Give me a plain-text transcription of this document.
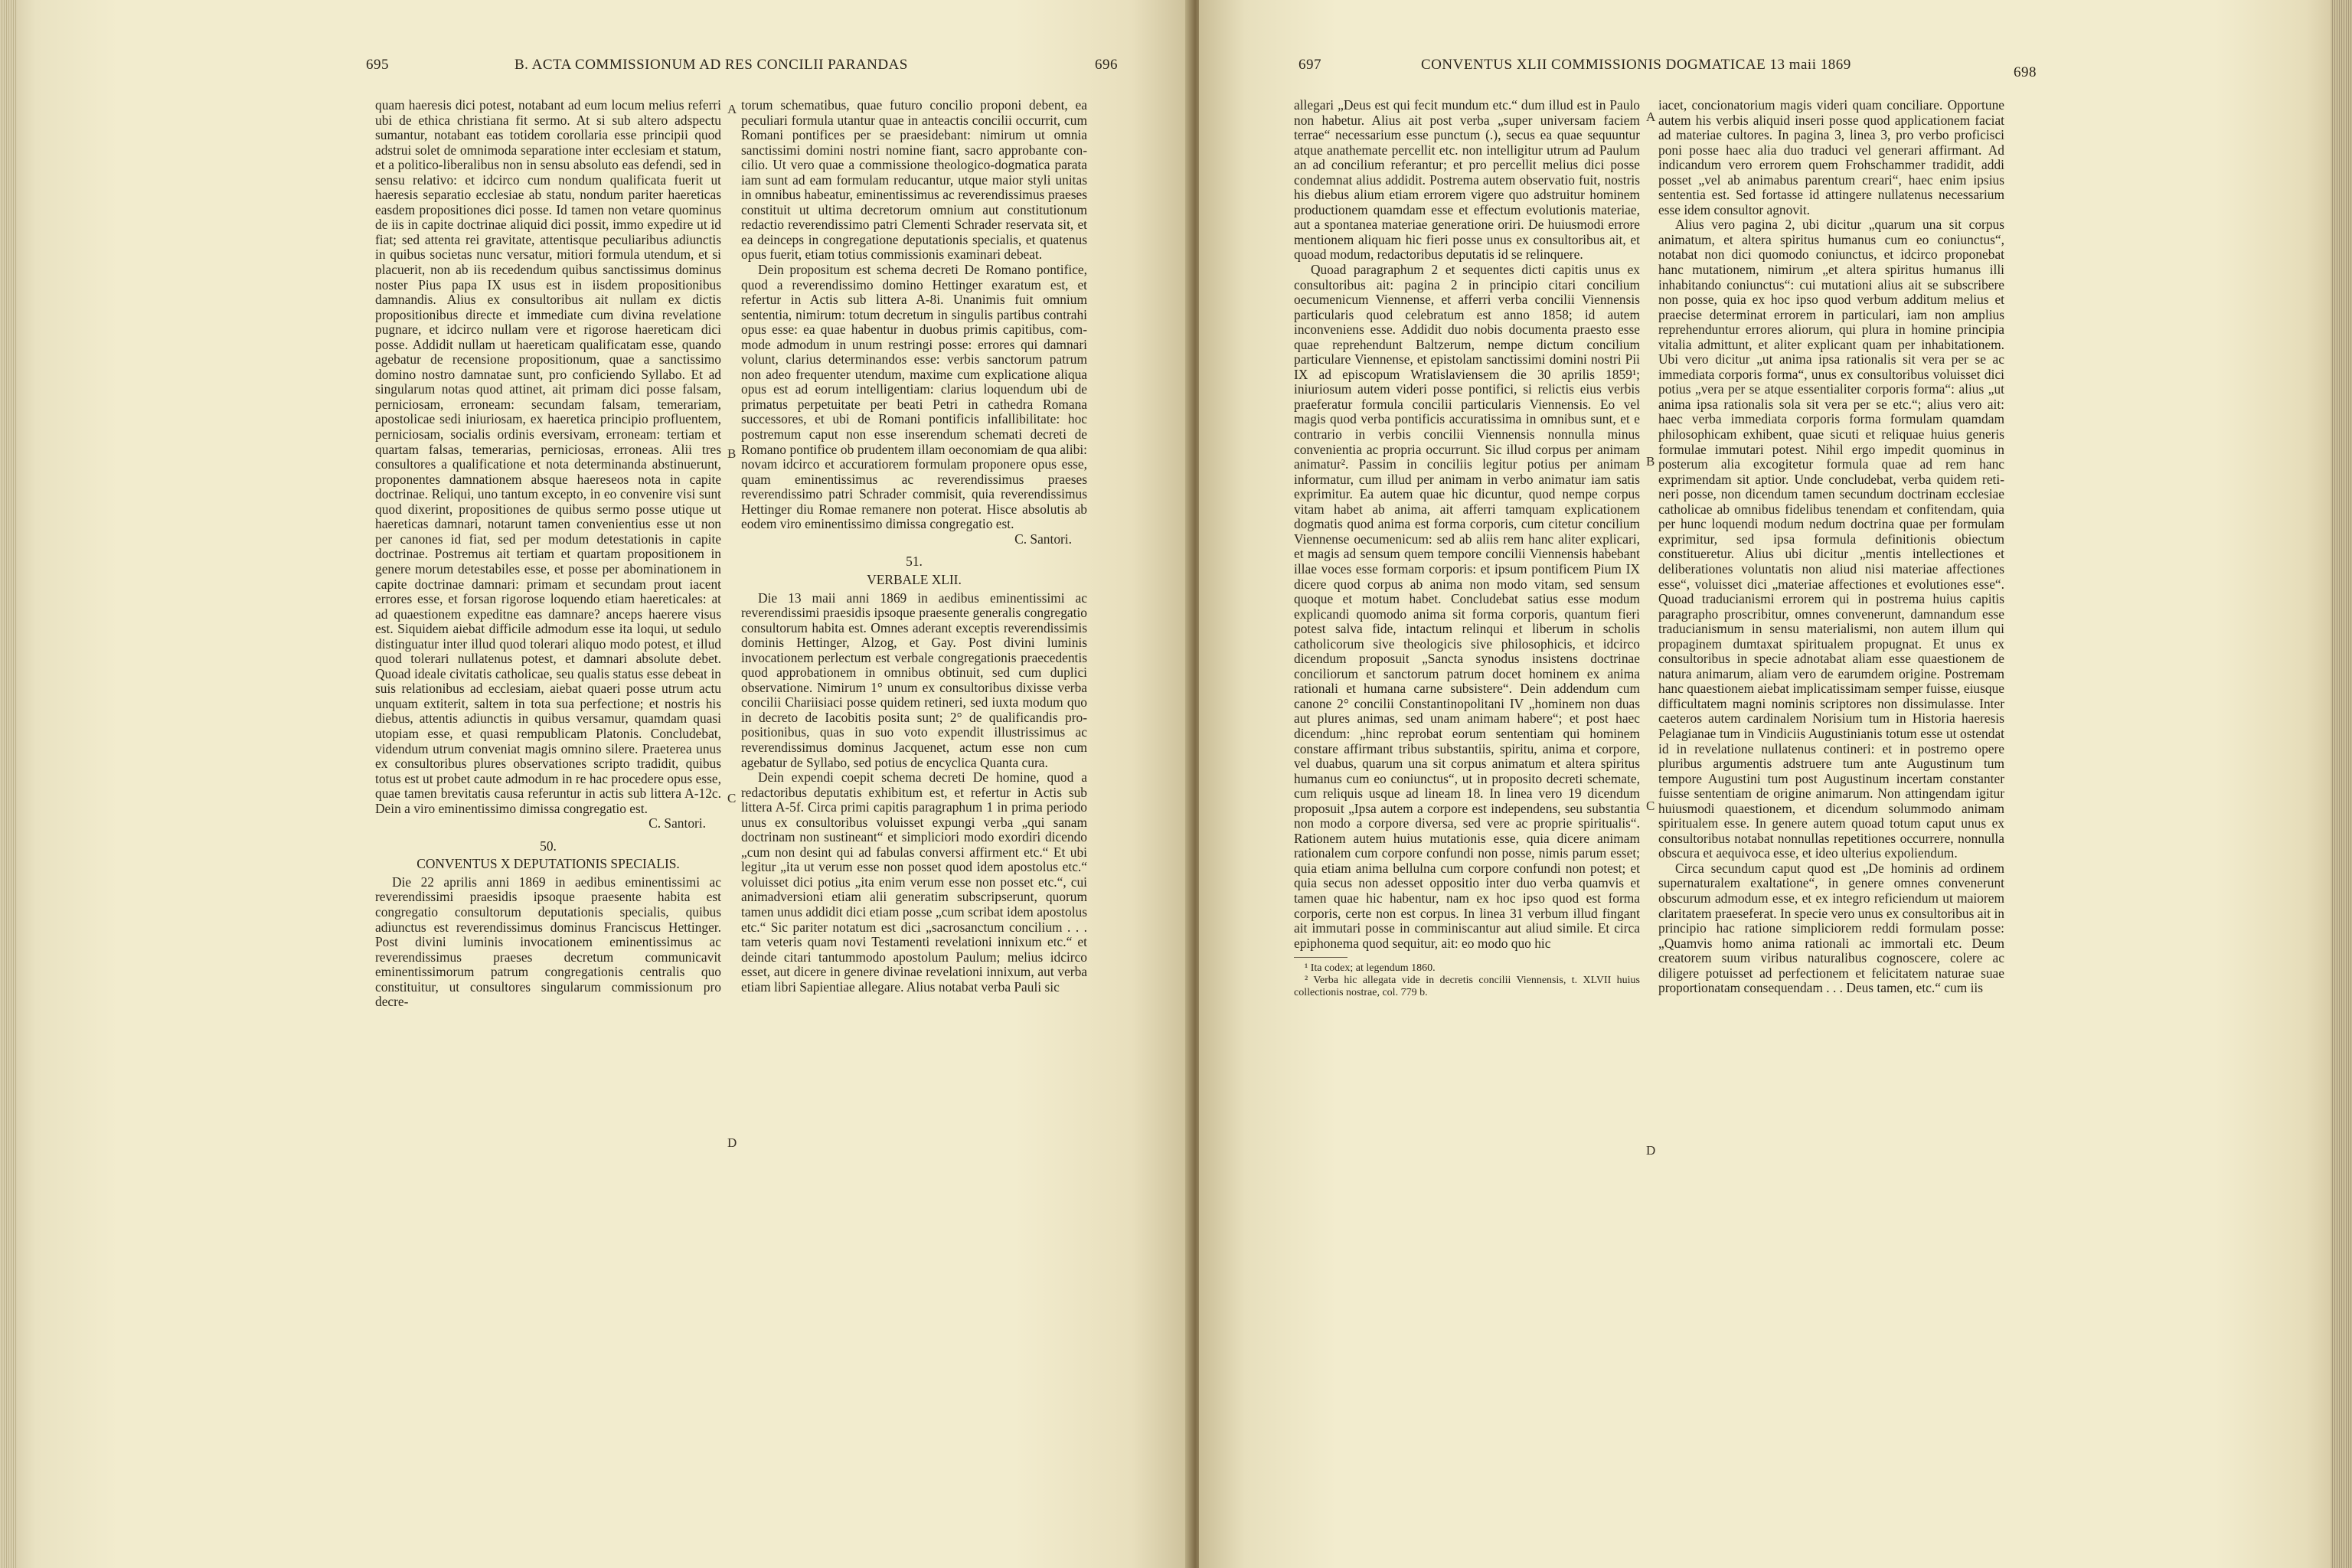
695	B. ACTA COMMISSIONUM AD RES CONCILII PARANDAS	696

quam haeresis dici potest, notabant ad eum locum melius referri ubi de ethica christiana fit sermo. At si sub altero adspectu sumantur, notabant eas totidem corollaria esse principii quod adstrui solet de omnimoda separatione inter ecclesiam et statum, et a politico-liberalibus non in sensu absoluto eas defendi, sed in sensu relativo: et idcirco cum nondum qualificata fuerit ut haeresis separatio ecclesiae ab statu, nondum pariter haereticas easdem propositiones dici posse. Id tamen non vetare quominus de iis in capite doctrinae aliquid dici possit, immo expedire ut id fiat; sed attenta rei gravitate, attentisque peculiaribus adiunctis in quibus societas nunc versatur, mitiori formula utendum, et si placuerit, non ab iis recedendum quibus sanctissimus dominus noster Pius papa IX usus est in iisdem propositionibus damnandis. Alius ex consultoribus ait nullam ex dictis propositionibus directe et immediate cum divina revelatione pugnare, et idcirco nullam vere et rigorose haereticam dici posse. Addidit nullam ut haereticam qualificatam esse, quando agebatur de recensione propositionum, quae a sanctissimo domino nostro damnatae sunt, pro conficiendo Syllabo. Et ad singularum notas quod attinet, ait primam dici posse falsam, perniciosam, erroneam: secundam falsam, temerariam, apostolicae sedi iniuriosam, ex haeretica principio profluentem, perniciosam, socialis ordinis eversivam, erroneam: tertiam et quartam falsas, temerarias, perniciosas, erroneas. Alii tres consultores a qualificatione et nota determinanda abstinuerunt, proponentes damnationem absque haereseos nota in capite doctrinae. Reliqui, uno tantum excepto, in eo convenire visi sunt quod dixerint, propositiones de quibus sermo posse utique ut haereticas damnari, notarunt tamen convenientius esse ut non per canones id fiat, sed per modum detestationis in capite doctrinae. Postremus ait tertiam et quartam propositionem in genere morum detestabiles esse, et posse per abominationem in capite doctrinae damnari: primam et secundam prout iacent errores esse, et forsan rigorose loquendo etiam haereticales: at ad quaestionem expeditne eas damnare? anceps haerere visus est. Siquidem aiebat difficile admodum esse ita loqui, ut sedulo distinguatur inter illud quod tolerari aliquo modo potest, et illud quod tolerari nullatenus potest, et damnari absolute debet. Quoad ideale civitatis catholicae, seu qualis status esse debeat in suis relationibus ad ecclesiam, aiebat quaeri posse utrum actu unquam extiterit, saltem in tota sua perfectione; et nostris his diebus, attentis adiunctis in quibus versamur, quamdam quasi utopiam esse, et quasi rempublicam Platonis. Concludebat, videndum utrum conveniat magis omnino silere. Praeterea unus ex consultoribus plures observationes scripto tradidit, quibus totus est ut probet caute admodum in re hac procedere opus esse, quae tamen brevitatis causa referuntur in actis sub littera A-12c. Dein a viro eminentissimo dimissa congregatio est.

C. Santori.

50.

CONVENTUS X DEPUTATIONIS SPECIALIS.

Die 22 aprilis anni 1869 in aedibus eminentissimi ac reverendissimi praesidis ipsoque praesente habita est congregatio consultorum deputationis specialis, quibus adiunctus est reverendissimus dominus Franciscus Hettinger. Post divini luminis invocationem eminentissimus ac reverendissimus praeses decretum communicavit eminentissimorum patrum congregationis centralis quo constituitur, ut consultores singularum commissionum pro decre-

A
B
C
D

torum schematibus, quae futuro concilio proponi debent, ea peculiari formula utantur quae in anteactis concilii occurrit, cum Romani pontifices per se praesidebant: nimirum ut omnia sanctissimi domini nostri nomine fiant, sacro approbante concilio. Ut vero quae a commissione theologico-dogmatica parata iam sunt ad eam formulam reducantur, utque maior styli unitas in omnibus habeatur, eminentissimus ac reverendissimus praeses constituit ut ultima decretorum omnium aut constitutionum redactio reverendissimo patri Clementi Schrader reservata sit, et ea deinceps in congregatione deputationis specialis, et quatenus opus fuerit, etiam totius commissionis examinari debeat.

Dein propositum est schema decreti De Romano pontifice, quod a reverendissimo domino Hettinger exaratum est, et refertur in Actis sub littera A-8i. Unanimis fuit omnium sententia, nimirum: totum decretum in singulis partibus contrahi opus esse: ea quae habentur in duobus primis capitibus, commode admodum in unum restringi posse: errores qui damnari volunt, clarius determinandos esse: verbis sanctorum patrum non adeo frequenter utendum, maxime cum explicatione aliqua opus est ad eorum intelligentiam: clarius loquendum ubi de primatus perpetuitate per beati Petri in cathedra Romana successores, et ubi de Romani pontificis infallibilitate: hoc postremum caput non esse inserendum schemati decreti de Romano pontifice ob prudentem illam oeconomiam de qua alibi: novam idcirco et accuratiorem formulam proponere opus esse, quam eminentissimus ac reverendissimus praeses reverendissimo patri Schrader commisit, quia reverendissimus Hettinger diu Romae remanere non poterat. Hisce absolutis ab eodem viro eminentissimo dimissa congregatio est.

C. Santori.

51.

VERBALE XLII.

Die 13 maii anni 1869 in aedibus eminentissimi ac reverendissimi praesidis ipsoque praesente generalis congregatio consultorum habita est. Omnes aderant exceptis reverendissimis dominis Hettinger, Alzog, et Gay. Post divini luminis invocationem perlectum est verbale congregationis praecedentis quod approbationem in omnibus obtinuit, sed cum duplici observatione. Nimirum 1° unum ex consultoribus dixisse verba concilii Chariisiaci posse quidem retineri, sed iuxta modum quo in decreto de Iacobitis posita sunt; 2° de qualificandis propositionibus, quas in suo voto expendit illustrissimus ac reverendissimus dominus Jacquenet, actum esse non cum agebatur de Syllabo, sed potius de encyclica Quanta cura.

Dein expendi coepit schema decreti De homine, quod a redactoribus deputatis exhibitum est, et refertur in Actis sub littera A-5f. Circa primi capitis paragraphum 1 in prima periodo unus ex consultoribus voluisset expungi verba „qui sanam doctrinam non sustineant“ et simpliciori modo exordiri dicendo „cum non desint qui ad fabulas conversi affirment etc.“ Et ubi legitur „ita ut verum esse non posset quod idem apostolus etc.“ voluisset dici potius „ita enim verum esse non posset etc.“, cui animadversioni etiam alii generatim subscripserunt, quorum tamen unus addidit dici etiam posse „cum scribat idem apostolus etc.“ Sic pariter notatum est dici „sacrosanctum concilium . . . tam veteris quam novi Testamenti revelationi innixum etc.“ et deinde citari tantummodo apostolum Paulum; melius idcirco esset, aut dicere in genere divinae revelationi innixum, aut verba etiam libri Sapientiae allegare. Alius notabat verba Pauli sic

697	CONVENTUS XLII COMMISSIONIS DOGMATICAE 13 maii 1869	698

allegari „Deus est qui fecit mundum etc.“ dum illud est in Paulo non habetur. Alius ait post verba „super universam faciem terrae“ necessarium esse punctum (.), secus ea quae sequuntur atque anathemate percellit etc. non intelligitur utrum ad Paulum an ad concilium referantur; et pro percellit melius dici posse condemnat alius addidit. Postrema autem observatio fuit, nostris his diebus alium etiam errorem vigere quo adstruitur hominem productionem quamdam esse et effectum evolutionis materiae, aut a spontanea materiae generatione oriri. De huiusmodi errore mentionem aliquam hic fieri posse unus ex consultoribus ait, et quoad modum, redactoribus deputatis id se relinquere.

Quoad paragraphum 2 et sequentes dicti capitis unus ex consultoribus ait: pagina 2 in principio citari concilium oecumenicum Viennense, et afferri verba concilii Viennensis particularis quod celebratum est anno 1858; id autem inconveniens esse. Addidit duo nobis documenta praesto esse quae reprehendunt Baltzerum, nempe dictum concilium particulare Viennense, et epistolam sanctissimi domini nostri Pii IX ad episcopum Wratislaviensem die 30 aprilis 1859¹; iniuriosum autem videri posse pontifici, si relictis eius verbis praeferatur formula concilii particularis Viennensis. Eo vel magis quod verba pontificis accuratissima in omnibus sunt, et e contrario in verbis concilii Viennensis nonnulla minus convenientia ac propria occurrunt. Sic illud corpus per animam animatur². Passim in conciliis legitur potius per animam informatur, cum illud per animam in verbo animatur iam satis exprimitur. Ea autem quae hic dicuntur, quod nempe corpus vitam habet ab anima, ait afferri tamquam explicationem dogmatis quod anima est forma corporis, cum citetur concilium Viennense oecumenicum: sed ab aliis rem hanc aliter explicari, et magis ad sensum quem tempore concilii Viennensis habebant illae voces esse formam corporis: et ipsum pontificem Pium IX dicere quod corpus ab anima non modo vitam, sed sensum quoque et motum habet. Concludebat satius esse modum explicandi quomodo anima sit forma corporis, quantum fieri potest salva fide, intactum relinqui et liberum in scholis catholicorum sive theologicis sive philosophicis, et idcirco dicendum proposuit „Sancta synodus insistens doctrinae conciliorum et sanctorum patrum docet hominem ex anima rationali et humana carne subsistere“. Dein addendum cum canone 2° concilii Constantinopolitani IV „hominem non duas aut plures animas, sed unam animam habere“; et post haec dicendum: „hinc reprobat eorum sententiam qui hominem constare affirmant tribus substantiis, spiritu, anima et corpore, vel duabus, quarum una sit corpus animatum et altera spiritus humanus cum eo coniunctus“, ut in proposito decreti schemate, cum reliquis usque ad lineam 18. In linea vero 19 dicendum proposuit „Ipsa autem a corpore est independens, seu substantia non modo a corpore diversa, sed vere ac proprie spiritualis“. Rationem autem huius mutationis esse, quia dicere animam rationalem cum corpore confundi non posse, nimis parum esset; quia etiam anima bellulna cum corpore confundi non potest; et quia secus non adesset oppositio inter duo verba quamvis et tamen quae hic habentur, nam ex hoc ipso quod est forma corporis, certe non est corpus. In linea 31 verbum illud fingant ait immutari posse in comminiscantur aut aliud simile. Et circa epiphonema quod sequitur, ait: eo modo quo hic

¹ Ita codex; at legendum 1860.

² Verba hic allegata vide in decretis concilii Viennensis, t. XLVII huius collectionis nostrae, col. 779 b.

A
B
C
D

iacet, concionatorium magis videri quam conciliare. Opportune autem his verbis aliquid inseri posse quod applicationem faciat ad materiae cultores. In pagina 3, linea 3, pro verbo proficisci poni posse haec alia duo traduci vel generari affirmant. Ad indicandum vero errorem quem Frohschammer tradidit, addi posset „vel ab animabus parentum creari“, haec enim ipsius sententia est. Sed fortasse id attingere nullatenus necessarium esse idem consultor agnovit.

Alius vero pagina 2, ubi dicitur „quarum una sit corpus animatum, et altera spiritus humanus cum eo coniunctus“, notabat non dici quomodo coniunctus, et idcirco proponebat hanc mutationem, nimirum „et altera spiritus humanus illi inhabitando coniunctus“: cui mutationi alius ait se subscribere non posse, quia ex hoc ipso quod verbum additum melius et praecise determinat errorem in particulari, iam non amplius reprehenduntur errores aliorum, qui plura in homine principia vitalia admittunt, et aliter explicant quam per inhabitationem. Ubi vero dicitur „ut anima ipsa rationalis sit vera per se ac immediata corporis forma“, unus ex consultoribus voluisset dici potius „vera per se atque essentialiter corporis forma“: alius „ut anima ipsa rationalis sola sit vera per se etc.“; alius vero ait: haec verba immediata corporis forma formulam quamdam philosophicam exhibent, quae sicuti et reliquae huius generis formulae immutari potest. Nihil ergo impedit quominus in posterum alia excogitetur formula quae ad rem hanc exprimendam sit aptior. Unde concludebat, verba quidem retineri posse, non dicendum tamen secundum doctrinam ecclesiae catholicae ab omnibus fidelibus tenendam et confitendam, quia per hunc loquendi modum nedum doctrina quae per formulam exprimitur, sed ipsa formula definitionis obiectum constitueretur. Alius ubi dicitur „mentis intellectiones et deliberationes voluntatis non aliud nisi materiae affectiones esse“, voluisset dici „materiae affectiones et evolutiones esse“. Quoad traducianismi errorem qui in postrema huius capitis paragrapho proscribitur, omnes convenerunt, damnandum esse traducianismum in sensu materialismi, non autem illum qui propaginem dumtaxat spiritualem propugnat. Et unus ex consultoribus in specie adnotabat aliam esse quaestionem de natura animarum, aliam vero de earumdem origine. Postremam hanc quaestionem aiebat implicatissimam semper fuisse, eiusque difficultatem magni nominis scriptores non dissimulasse. Inter caeteros autem cardinalem Norisium tum in Historia haeresis Pelagianae tum in Vindiciis Augustinianis totum esse ut ostendat id in revelatione nullatenus contineri: et in postremo opere pluribus argumentis adstruere tum ante Augustinum tum tempore Augustini tum post Augustinum incertam constanter fuisse sententiam de origine animarum. Non attingendam igitur huiusmodi quaestionem, et dicendum solummodo animam spiritualem esse. In genere autem quoad totum caput unus ex consultoribus notabat nonnullas repetitiones occurrere, nonnulla obscura et aequivoca esse, et ideo ulterius expoliendum.

Circa secundum caput quod est „De hominis ad ordinem supernaturalem exaltatione“, in genere omnes convenerunt obscurum admodum esse, et ex integro reficiendum ut maiorem claritatem praeseferat. In specie vero unus ex consultoribus ait in principio hac ratione simpliciorem reddi formulam posse: „Quamvis homo anima rationali ac immortali etc. Deum creatorem suum viribus naturalibus cognoscere, colere ac diligere potuisset ad perfectionem et felicitatem naturae suae proportionatam consequendam . . . Deus tamen, etc.“ cum iis
